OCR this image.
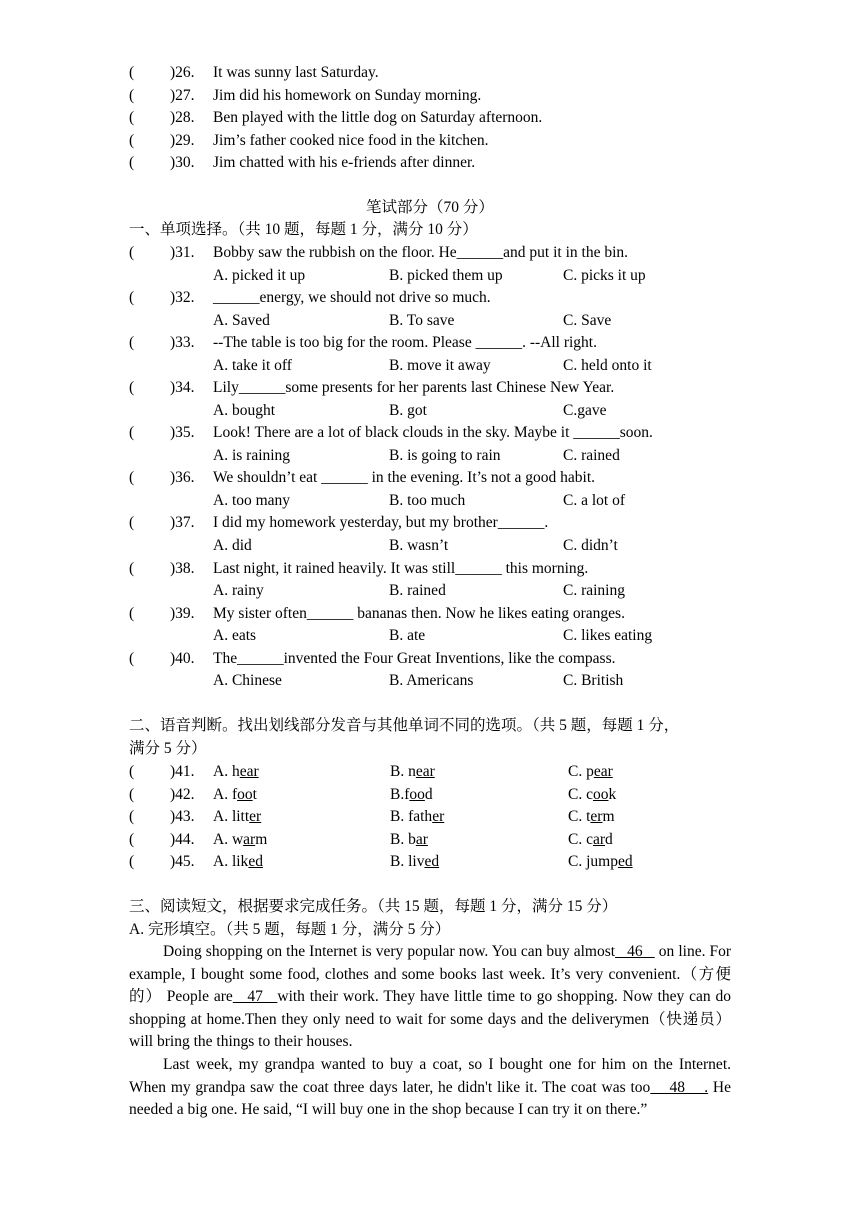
(	)26. It was sunny last Saturday.
(	)27. Jim did his homework on Sunday morning.
(	)28. Ben played with the little dog on Saturday afternoon.
(	)29. Jim’s father cooked nice food in the kitchen.
(	)30. Jim chatted with his e-friends after dinner.
笔试部分（70 分）
一、单项选择。（共 10 题，每题 1 分，满分 10 分）
(	)31. Bobby saw the rubbish on the floor. He______and put it in the bin.
A. picked it up	B. picked them up	C. picks it up
(	)32. ______energy, we should not drive so much.
A. Saved	B. To save	C. Save
(	)33. --The table is too big for the room. Please ______. --All right.
A. take it off	B. move it away	C. held onto it
(	)34. Lily______some presents for her parents last Chinese New Year.
A. bought	B. got	C.gave
(	)35. Look! There are a lot of black clouds in the sky. Maybe it ______soon.
A. is raining	B. is going to rain	C. rained
(	)36. We shouldn’t eat ______ in the evening. It’s not a good habit.
A. too many	B. too much	C. a lot of
(	)37. I did my homework yesterday, but my brother______.
A. did	B. wasn’t	C. didn’t
(	)38. Last night, it rained heavily. It was still______ this morning.
A. rainy	B. rained	C. raining
(	)39. My sister often______ bananas then. Now he likes eating oranges.
A. eats	B. ate	C. likes eating
(	)40. The______invented the Four Great Inventions, like the compass.
A. Chinese	B. Americans	C. British
二、语音判断。找出划线部分发音与其他单词不同的选项。（共 5 题，每题 1 分，
满分 5 分）
(	)41. A. hear	B. near	C. pear
(	)42. A. foot	B.food	C. cook
(	)43. A. litter	B. father	C. term
(	)44. A. warm	B. bar	C. card
(	)45. A. liked	B. lived	C. jumped
三、阅读短文，根据要求完成任务。（共 15 题，每题 1 分，满分 15 分）
A. 完形填空。（共 5 题，每题 1 分，满分 5 分）
Doing shopping on the Internet is very popular now. You can buy almost   46    on line. For example, I bought some food, clothes and some books last week. It’s very convenient.（方便的） People are   47   with their work. They have little time to go shopping. Now they can do shopping at home.Then they only need to wait for some days and the deliverymen（快递员）will bring the things to their houses.
Last week, my grandpa wanted to buy a coat, so I bought one for him on the Internet. When my grandpa saw the coat three days later, he didn't like it. The coat was too    48    . He needed a big one. He said, “I will buy one in the shop because I can try it on there.”
